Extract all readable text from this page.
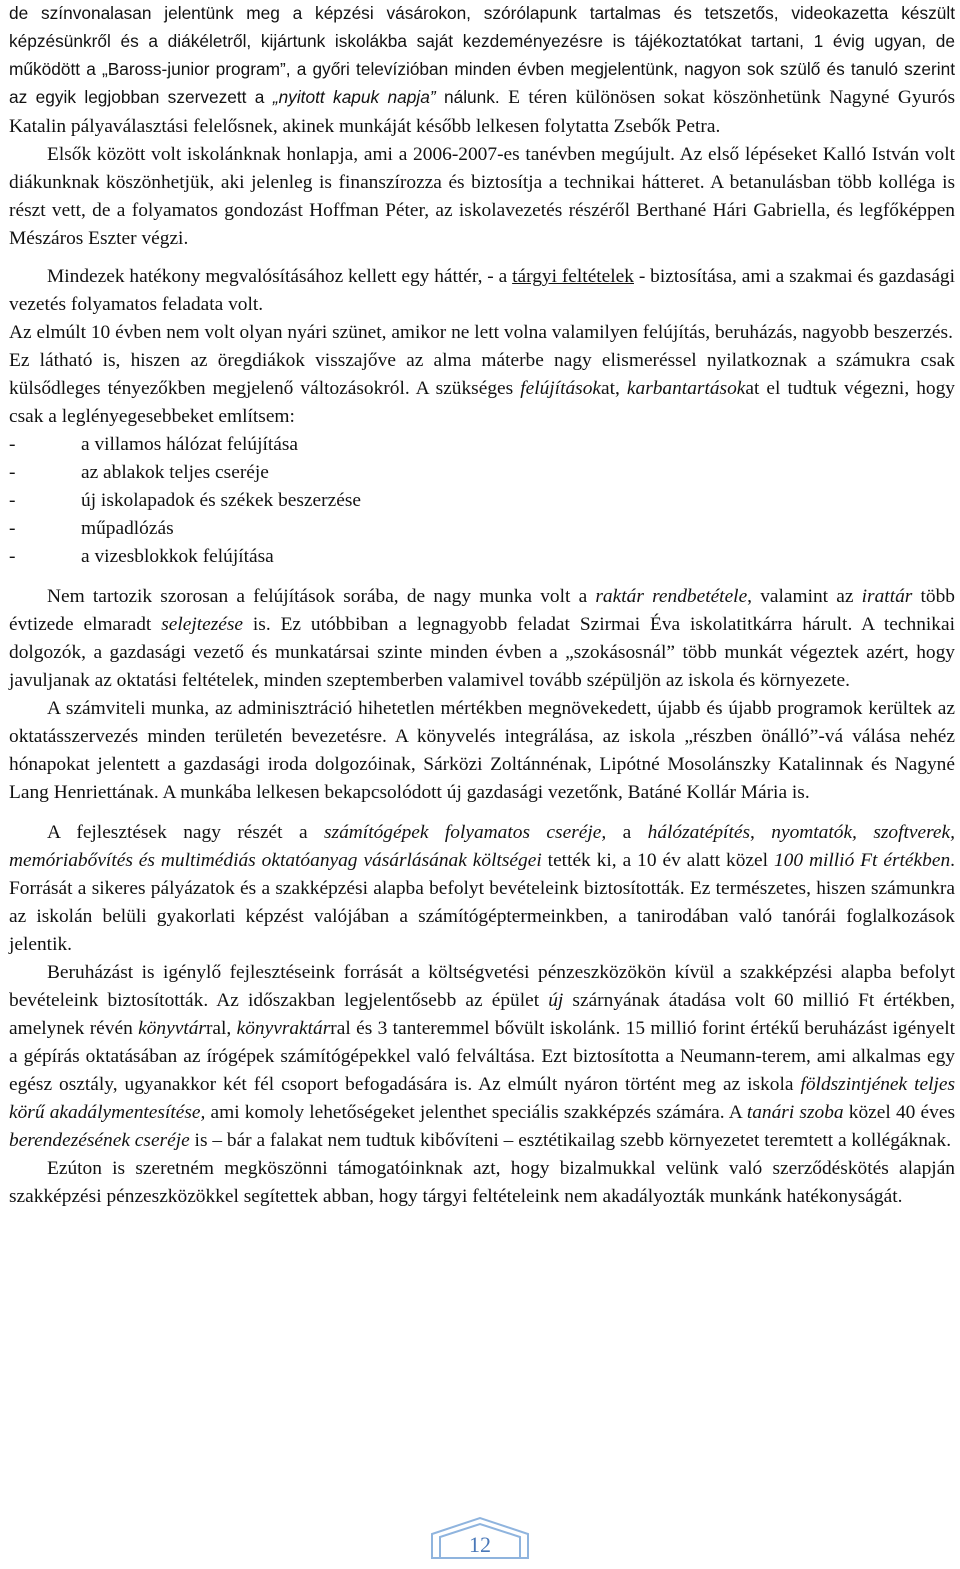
de színvonalasan jelentünk meg a képzési vásárokon, szórólapunk tartalmas és tetszetős, videokazetta készült képzésünkről és a diákéletről, kijártunk iskolákba saját kezdeményezésre is tájékoztatókat tartani, 1 évig ugyan, de működött a „Baross-junior program”, a győri televízióban minden évben megjelentünk, nagyon sok szülő és tanuló szerint az egyik legjobban szervezett a „nyitott kapuk napja” nálunk. E téren különösen sokat köszönhetünk Nagyné Gyurós Katalin pályaválasztási felelősnek, akinek munkáját később lelkesen folytatta Zsebők Petra.

Elsők között volt iskolánknak honlapja, ami a 2006-2007-es tanévben megújult. Az első lépéseket Kalló István volt diákunknak köszönhetjük, aki jelenleg is finanszírozza és biztosítja a technikai hátteret. A betanulásban több kolléga is részt vett, de a folyamatos gondozást Hoffman Péter, az iskolavezetés részéről Berthané Hári Gabriella, és legfőképpen Mészáros Eszter végzi.

Mindezek hatékony megvalósításához kellett egy háttér, - a tárgyi feltételek - biztosítása, ami a szakmai és gazdasági vezetés folyamatos feladata volt.

Az elmúlt 10 évben nem volt olyan nyári szünet, amikor ne lett volna valamilyen felújítás, beruházás, nagyobb beszerzés.

Ez látható is, hiszen az öregdiákok visszajőve az alma máterbe nagy elismeréssel nyilatkoznak a számukra csak külsődleges tényezőkben megjelenő változásokról. A szükséges felújításokat, karbantartásokat el tudtuk végezni, hogy csak a leglényegesebbeket említsem:

-	a villamos hálózat felújítása
-	az ablakok teljes cseréje
-	új iskolapadok és székek beszerzése
-	műpadlózás
-	a vizesblokkok felújítása

Nem tartozik szorosan a felújítások sorába, de nagy munka volt a raktár rendbetétele, valamint az irattár több évtizede elmaradt selejtezése is. Ez utóbbiban a legnagyobb feladat Szirmai Éva iskolatitkárra hárult. A technikai dolgozók, a gazdasági vezető és munkatársai szinte minden évben a „szokásosnál” több munkát végeztek azért, hogy javuljanak az oktatási feltételek, minden szeptemberben valamivel tovább szépüljön az iskola és környezete.

A számviteli munka, az adminisztráció hihetetlen mértékben megnövekedett, újabb és újabb programok kerültek az oktatásszervezés minden területén bevezetésre. A könyvelés integrálása, az iskola „részben önálló”-vá válása nehéz hónapokat jelentett a gazdasági iroda dolgozóinak, Sárközi Zoltánnénak, Lipótné Mosolánszky Katalinnak és Nagyné Lang Henriettának. A munkába lelkesen bekapcsolódott új gazdasági vezetőnk, Batáné Kollár Mária is.

A fejlesztések nagy részét a számítógépek folyamatos cseréje, a hálózatépítés, nyomtatók, szoftverek, memóriabővítés és multimédiás oktatóanyag vásárlásának költségei tették ki, a 10 év alatt közel 100 millió Ft értékben. Forrását a sikeres pályázatok és a szakképzési alapba befolyt bevételeink biztosították. Ez természetes, hiszen számunkra az iskolán belüli gyakorlati képzést valójában a számítógéptermeinkben, a tanirodában való tanórái foglalkozások jelentik.

Beruházást is igénylő fejlesztéseink forrását a költségvetési pénzeszközökön kívül a szakképzési alapba befolyt bevételeink biztosították. Az időszakban legjelentősebb az épület új szárnyának átadása volt 60 millió Ft értékben, amelynek révén könyvtárral, könyvraktárral és 3 tanteremmel bővült iskolánk. 15 millió forint értékű beruházást igényelt a gépírás oktatásában az írógépek számítógépekkel való felváltása. Ezt biztosította a Neumann-terem, ami alkalmas egy egész osztály, ugyanakkor két fél csoport befogadására is. Az elmúlt nyáron történt meg az iskola földszintjének teljes körű akadálymentesítése, ami komoly lehetőségeket jelenthet speciális szakképzés számára. A tanári szoba közel 40 éves berendezésének cseréje is – bár a falakat nem tudtuk kibővíteni – esztétikailag szebb környezetet teremtett a kollégáknak.

Ezúton is szeretném megköszönni támogatóinknak azt, hogy bizalmukkal velünk való szerződéskötés alapján szakképzési pénzeszközökkel segítettek abban, hogy tárgyi feltételeink nem akadályozták munkánk hatékonyságát.

12
